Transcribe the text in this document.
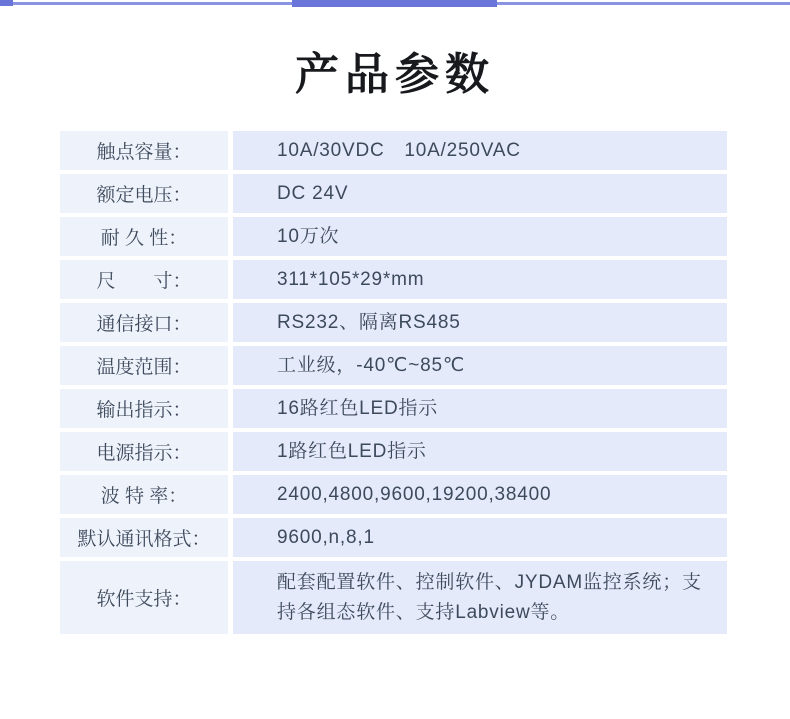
产品参数
触点容量：	10A/30VDC　10A/250VAC
额定电压：	DC 24V
耐 久 性：	10万次
尺　　寸：	311*105*29*mm
通信接口：	RS232、隔离RS485
温度范围：	工业级，-40℃~85℃
输出指示：	16路红色LED指示
电源指示：	1路红色LED指示
波 特 率：	2400,4800,9600,19200,38400
默认通讯格式：	9600,n,8,1
软件支持：
配套配置软件、控制软件、JYDAM监控系统；支持各组态软件、支持Labview等。
